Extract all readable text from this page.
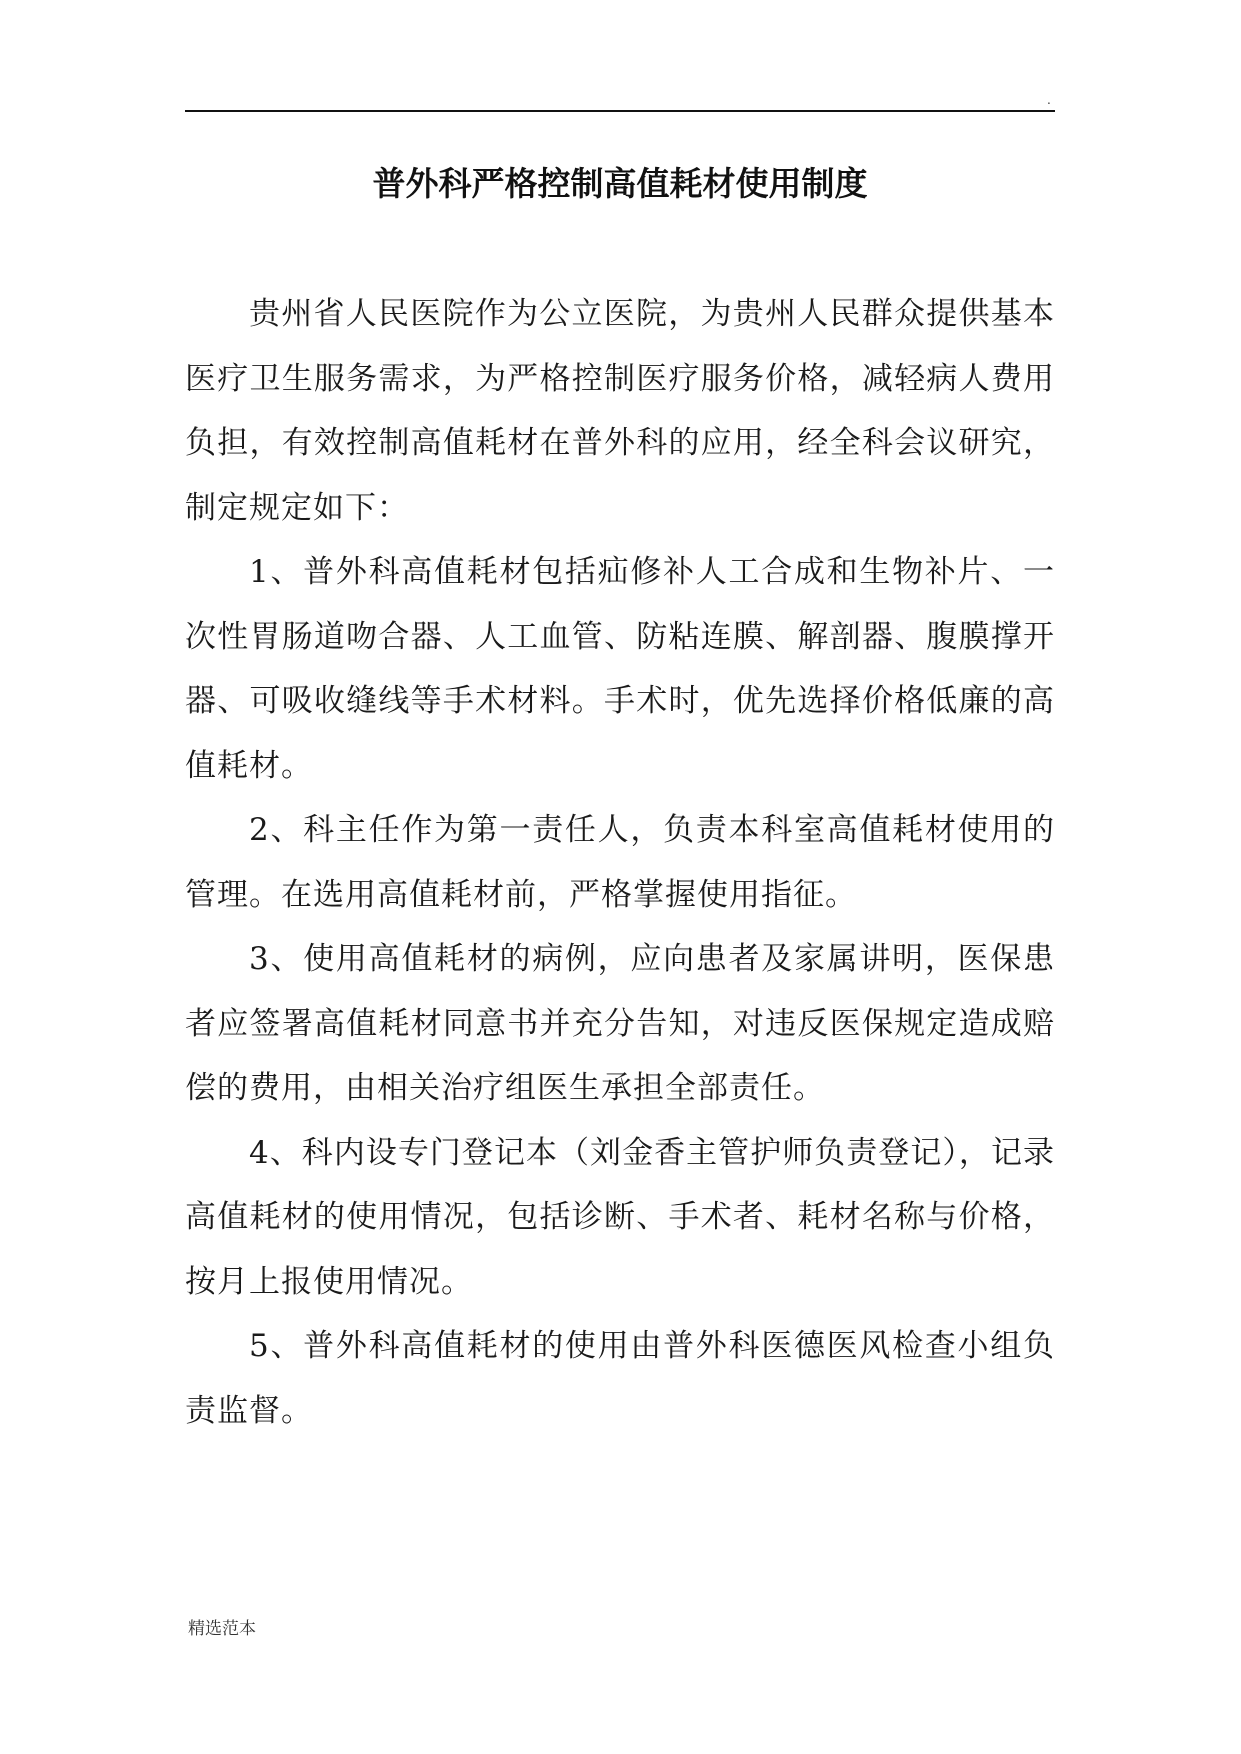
.
普外科严格控制高值耗材使用制度

贵州省人民医院作为公立医院，为贵州人民群众提供基本医疗卫生服务需求，为严格控制医疗服务价格，减轻病人费用负担，有效控制高值耗材在普外科的应用，经全科会议研究，制定规定如下：

1、普外科高值耗材包括疝修补人工合成和生物补片、一次性胃肠道吻合器、人工血管、防粘连膜、解剖器、腹膜撑开器、可吸收缝线等手术材料。手术时，优先选择价格低廉的高值耗材。

2、科主任作为第一责任人，负责本科室高值耗材使用的管理。在选用高值耗材前，严格掌握使用指征。

3、使用高值耗材的病例，应向患者及家属讲明，医保患者应签署高值耗材同意书并充分告知，对违反医保规定造成赔偿的费用，由相关治疗组医生承担全部责任。

4、科内设专门登记本（刘金香主管护师负责登记），记录高值耗材的使用情况，包括诊断、手术者、耗材名称与价格，按月上报使用情况。

5、普外科高值耗材的使用由普外科医德医风检查小组负责监督。

精选范本
